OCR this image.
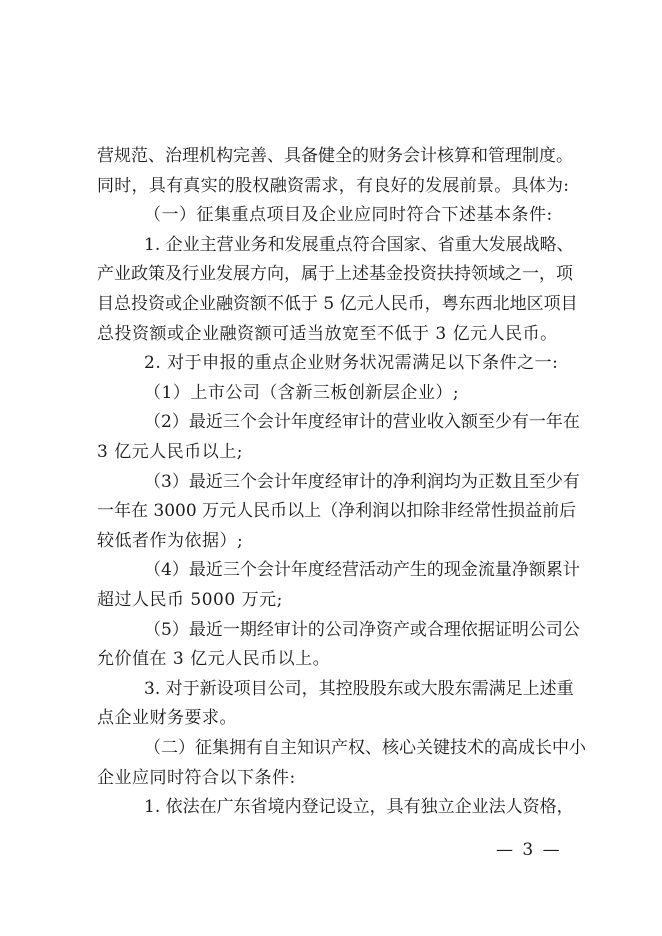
营规范、治理机构完善、具备健全的财务会计核算和管理制度。
同时，具有真实的股权融资需求，有良好的发展前景。具体为:
（一）征集重点项目及企业应同时符合下述基本条件:
1. 企业主营业务和发展重点符合国家、省重大发展战略、
产业政策及行业发展方向，属于上述基金投资扶持领域之一，项
目总投资或企业融资额不低于 5 亿元人民币，粤东西北地区项目
总投资额或企业融资额可适当放宽至不低于 3 亿元人民币。
2. 对于申报的重点企业财务状况需满足以下条件之一:
（1）上市公司（含新三板创新层企业）;
（2）最近三个会计年度经审计的营业收入额至少有一年在
3 亿元人民币以上;
（3）最近三个会计年度经审计的净利润均为正数且至少有
一年在 3000 万元人民币以上（净利润以扣除非经常性损益前后
较低者作为依据）;
（4）最近三个会计年度经营活动产生的现金流量净额累计
超过人民币 5000 万元;
（5）最近一期经审计的公司净资产或合理依据证明公司公
允价值在 3 亿元人民币以上。
3. 对于新设项目公司，其控股股东或大股东需满足上述重
点企业财务要求。
（二）征集拥有自主知识产权、核心关键技术的高成长中小
企业应同时符合以下条件:
1. 依法在广东省境内登记设立，具有独立企业法人资格，
— 3 —
